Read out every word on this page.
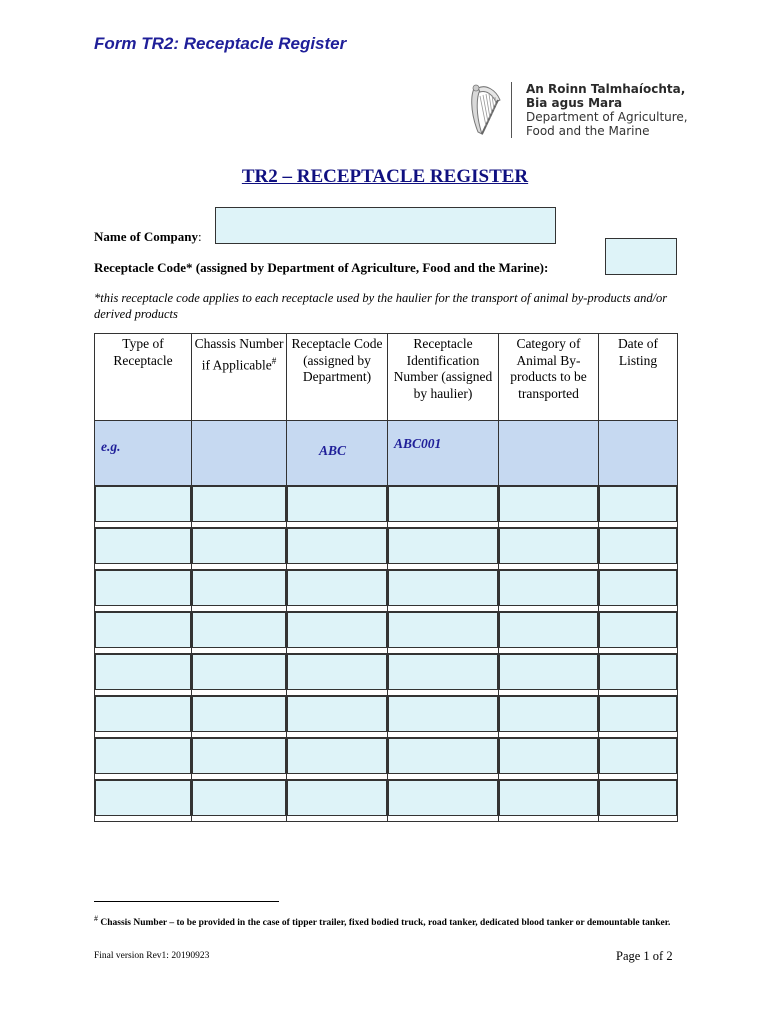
Form TR2: Receptacle Register
An Roinn Talmhaíochta,
Bia agus Mara
Department of Agriculture,
Food and the Marine
TR2 – RECEPTACLE REGISTER
Name of Company:
Receptacle Code* (assigned by Department of Agriculture, Food and the Marine):
*this receptacle code applies to each receptacle used by the haulier for the transport of animal by-products and/or derived products
Type of Receptacle	Chassis Number if Applicable#	Receptacle Code (assigned by Department)	Receptacle Identification Number (assigned by haulier)	Category of Animal By-products to be transported	Date of Listing
e.g.		ABC	ABC001		

# Chassis Number – to be provided in the case of tipper trailer, fixed bodied truck, road tanker, dedicated blood tanker or demountable tanker.
Final version Rev1: 20190923	Page 1 of 2
